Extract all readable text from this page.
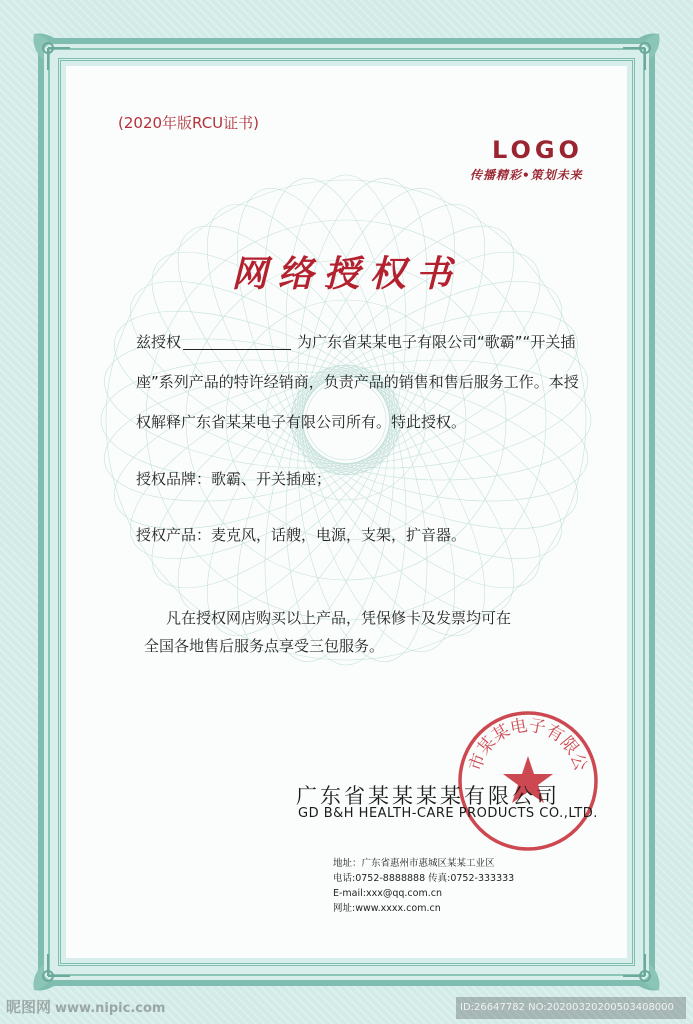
(2020年版RCU证书)
LOGO
传播精彩•策划未来
网络授权书
兹授权	为广东省某某电子有限公司“歌霸”“开关插
座”系列产品的特许经销商，负责产品的销售和售后服务工作。本授
权解释广东省某某电子有限公司所有。特此授权。
授权品牌：歌霸、开关插座；
授权产品：麦克风，话艘，电源，支架，扩音器。
凡在授权网店购买以上产品，凭保修卡及发票均可在
全国各地售后服务点享受三包服务。
市某某电子有限公
广东省某某某某有限公司
GD B&H HEALTH-CARE PRODUCTS CO.,LTD.
地址：广东省惠州市惠城区某某工业区
电话:0752-8888888 传真:0752-333333
E-mail:xxx@qq.com.cn
网址:www.xxxx.com.cn
昵图网 www.nipic.com	ID:26647782 NO:20200320200503408000
